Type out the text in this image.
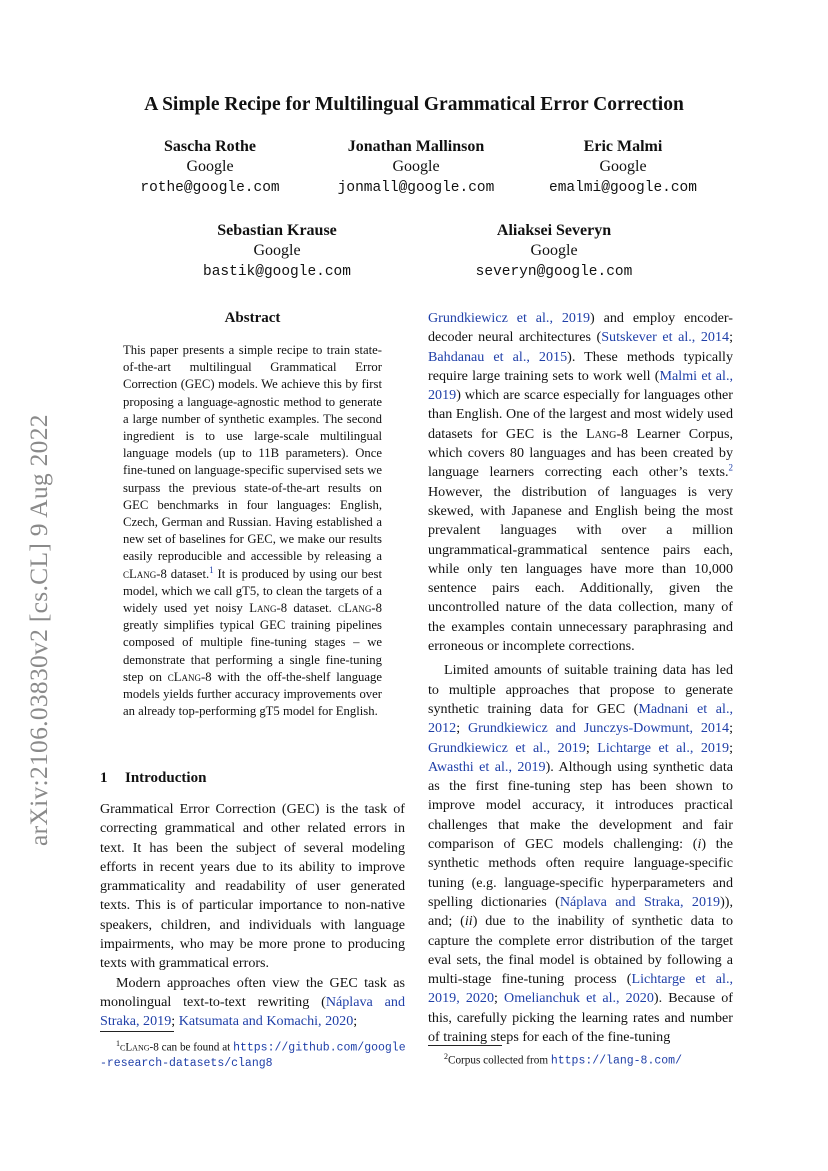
arXiv:2106.03830v2 [cs.CL] 9 Aug 2022
A Simple Recipe for Multilingual Grammatical Error Correction
Sascha Rothe
Google
rothe@google.com
Jonathan Mallinson
Google
jonmall@google.com
Eric Malmi
Google
emalmi@google.com
Sebastian Krause
Google
bastik@google.com
Aliaksei Severyn
Google
severyn@google.com
Abstract
This paper presents a simple recipe to train state-of-the-art multilingual Grammatical Error Correction (GEC) models. We achieve this by first proposing a language-agnostic method to generate a large number of synthetic examples. The second ingredient is to use large-scale multilingual language models (up to 11B parameters). Once fine-tuned on language-specific supervised sets we surpass the previous state-of-the-art results on GEC benchmarks in four languages: English, Czech, German and Russian. Having established a new set of baselines for GEC, we make our results easily reproducible and accessible by releasing a cLang-8 dataset.$^1$ It is produced by using our best model, which we call gT5, to clean the targets of a widely used yet noisy Lang-8 dataset. cLang-8 greatly simplifies typical GEC training pipelines composed of multiple fine-tuning stages – we demonstrate that performing a single fine-tuning step on cLang-8 with the off-the-shelf language models yields further accuracy improvements over an already top-performing gT5 model for English.
1 Introduction

Grammatical Error Correction (GEC) is the task of correcting grammatical and other related errors in text. It has been the subject of several modeling efforts in recent years due to its ability to improve grammaticality and readability of user generated texts. This is of particular importance to non-native speakers, children, and individuals with language impairments, who may be more prone to producing texts with grammatical errors.

Modern approaches often view the GEC task as monolingual text-to-text rewriting (Náplava and Straka, 2019; Katsumata and Komachi, 2020;

Grundkiewicz et al., 2019) and employ encoder-decoder neural architectures (Sutskever et al., 2014; Bahdanau et al., 2015). These methods typically require large training sets to work well (Malmi et al., 2019) which are scarce especially for languages other than English. One of the largest and most widely used datasets for GEC is the Lang-8 Learner Corpus, which covers 80 languages and has been created by language learners correcting each other’s texts.$^2$ However, the distribution of languages is very skewed, with Japanese and English being the most prevalent languages with over a million ungrammatical-grammatical sentence pairs each, while only ten languages have more than 10,000 sentence pairs each. Additionally, given the uncontrolled nature of the data collection, many of the examples contain unnecessary paraphrasing and erroneous or incomplete corrections.

Limited amounts of suitable training data has led to multiple approaches that propose to generate synthetic training data for GEC (Madnani et al., 2012; Grundkiewicz and Junczys-Dowmunt, 2014; Grundkiewicz et al., 2019; Lichtarge et al., 2019; Awasthi et al., 2019). Although using synthetic data as the first fine-tuning step has been shown to improve model accuracy, it introduces practical challenges that make the development and fair comparison of GEC models challenging: (i) the synthetic methods often require language-specific tuning (e.g. language-specific hyperparameters and spelling dictionaries (Náplava and Straka, 2019)), and; (ii) due to the inability of synthetic data to capture the complete error distribution of the target eval sets, the final model is obtained by following a multi-stage fine-tuning process (Lichtarge et al., 2019, 2020; Omelianchuk et al., 2020). Because of this, carefully picking the learning rates and number of training steps for each of the fine-tuning

$^1$cLang-8 can be found at https://github.com/google-research-datasets/clang8
$^2$Corpus collected from https://lang-8.com/
